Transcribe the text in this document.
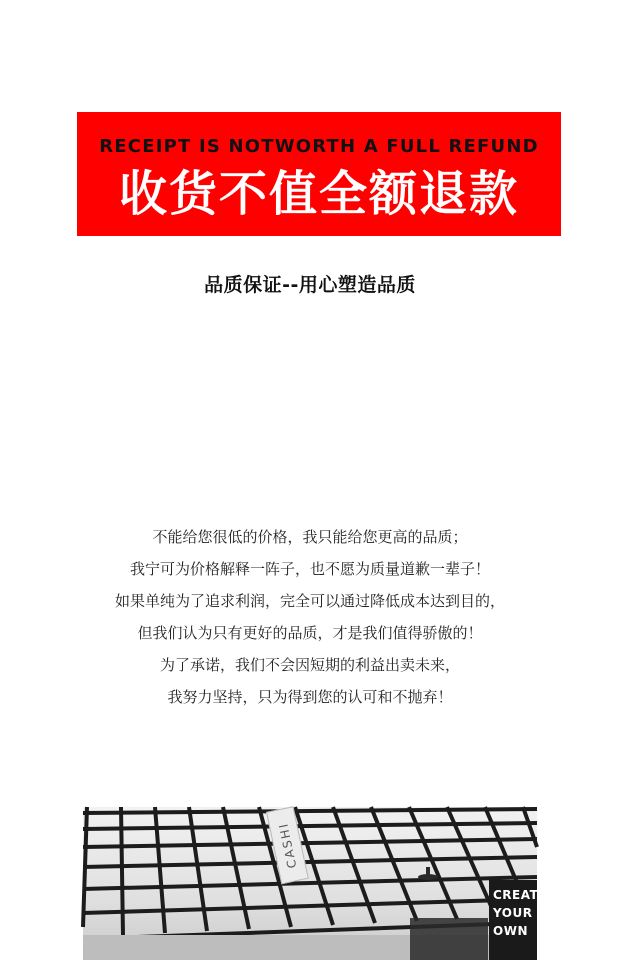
RECEIPT IS NOTWORTH A FULL REFUND
收货不值全额退款
品质保证--用心塑造品质
不能给您很低的价格，我只能给您更高的品质；
我宁可为价格解释一阵子，也不愿为质量道歉一辈子！
如果单纯为了追求利润，完全可以通过降低成本达到目的，
但我们认为只有更好的品质，才是我们值得骄傲的！
为了承诺，我们不会因短期的利益出卖未来，
我努力坚持，只为得到您的认可和不抛弃！
CASHI
CREATE
YOUR
OWN
